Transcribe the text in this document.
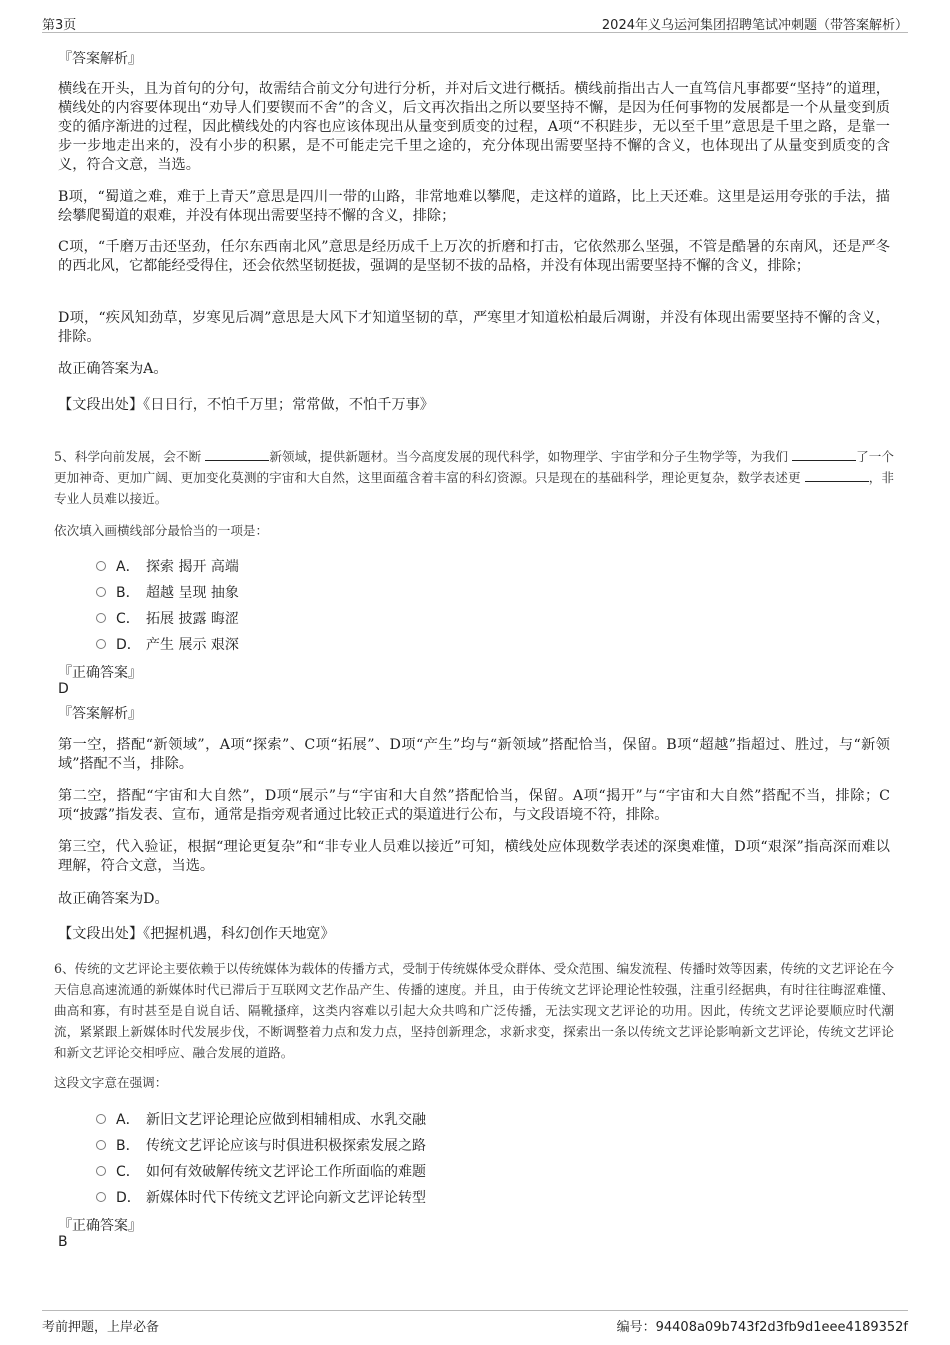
第3页	2024年义乌运河集团招聘笔试冲刺题（带答案解析）
『答案解析』
横线在开头，且为首句的分句，故需结合前文分句进行分析，并对后文进行概括。横线前指出古人一直笃信凡事都要“坚持”的道理，横线处的内容要体现出“劝导人们要锲而不舍”的含义，后文再次指出之所以要坚持不懈，是因为任何事物的发展都是一个从量变到质变的循序渐进的过程，因此横线处的内容也应该体现出从量变到质变的过程，A项“不积跬步，无以至千里”意思是千里之路，是靠一步一步地走出来的，没有小步的积累，是不可能走完千里之途的，充分体现出需要坚持不懈的含义，也体现出了从量变到质变的含义，符合文意，当选。
B项，“蜀道之难，难于上青天”意思是四川一带的山路，非常地难以攀爬，走这样的道路，比上天还难。这里是运用夸张的手法，描绘攀爬蜀道的艰难，并没有体现出需要坚持不懈的含义，排除；
C项，“千磨万击还坚劲，任尔东西南北风”意思是经历成千上万次的折磨和打击，它依然那么坚强，不管是酷暑的东南风，还是严冬的西北风，它都能经受得住，还会依然坚韧挺拔，强调的是坚韧不拔的品格，并没有体现出需要坚持不懈的含义，排除；
D项，“疾风知劲草，岁寒见后凋”意思是大风下才知道坚韧的草，严寒里才知道松柏最后凋谢，并没有体现出需要坚持不懈的含义，排除。
故正确答案为A。
【文段出处】《日日行，不怕千万里；常常做，不怕千万事》
5、科学向前发展，会不断	新领域，提供新题材。当今高度发展的现代科学，如物理学、宇宙学和分子生物学等，为我们	了一个更加神奇、更加广阔、更加变化莫测的宇宙和大自然，这里面蕴含着丰富的科幻资源。只是现在的基础科学，理论更复杂，数学表述更	，非专业人员难以接近。
依次填入画横线部分最恰当的一项是：
A． 探索 揭开 高端
B． 超越 呈现 抽象
C． 拓展 披露 晦涩
D． 产生 展示 艰深
『正确答案』
D
『答案解析』
第一空，搭配“新领域”，A项“探索”、C项“拓展”、D项“产生”均与“新领域”搭配恰当，保留。B项“超越”指超过、胜过，与“新领域”搭配不当，排除。
第二空，搭配“宇宙和大自然”，D项“展示”与“宇宙和大自然”搭配恰当，保留。A项“揭开”与“宇宙和大自然”搭配不当，排除；C项“披露”指发表、宣布，通常是指旁观者通过比较正式的渠道进行公布，与文段语境不符，排除。
第三空，代入验证，根据“理论更复杂”和“非专业人员难以接近”可知，横线处应体现数学表述的深奥难懂，D项“艰深”指高深而难以理解，符合文意，当选。
故正确答案为D。
【文段出处】《把握机遇，科幻创作天地宽》
6、传统的文艺评论主要依赖于以传统媒体为载体的传播方式，受制于传统媒体受众群体、受众范围、编发流程、传播时效等因素，传统的文艺评论在今天信息高速流通的新媒体时代已滞后于互联网文艺作品产生、传播的速度。并且，由于传统文艺评论理论性较强，注重引经据典，有时往往晦涩难懂、曲高和寡，有时甚至是自说自话、隔靴搔痒，这类内容难以引起大众共鸣和广泛传播，无法实现文艺评论的功用。因此，传统文艺评论要顺应时代潮流，紧紧跟上新媒体时代发展步伐，不断调整着力点和发力点，坚持创新理念，求新求变，探索出一条以传统文艺评论影响新文艺评论，传统文艺评论和新文艺评论交相呼应、融合发展的道路。
这段文字意在强调：
A． 新旧文艺评论理论应做到相辅相成、水乳交融
B． 传统文艺评论应该与时俱进积极探索发展之路
C． 如何有效破解传统文艺评论工作所面临的难题
D． 新媒体时代下传统文艺评论向新文艺评论转型
『正确答案』
B
考前押题，上岸必备	编号：94408a09b743f2d3fb9d1eee4189352f
